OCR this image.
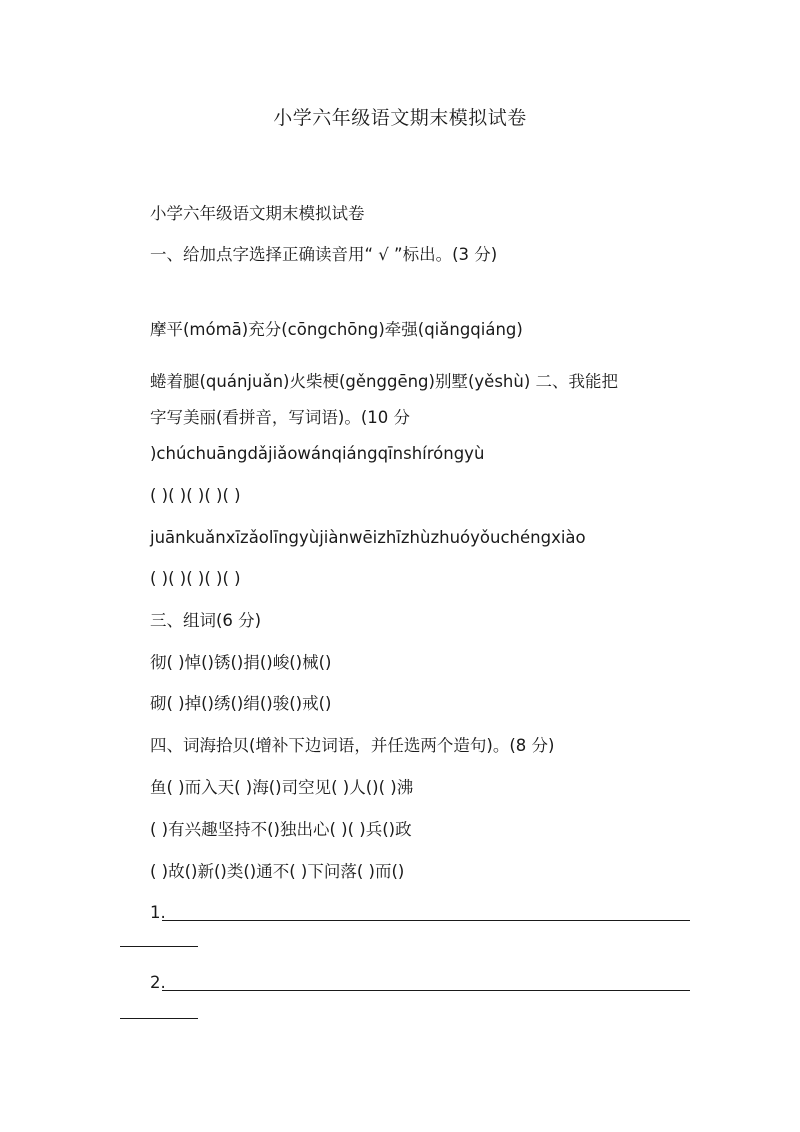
小学六年级语文期末模拟试卷
小学六年级语文期末模拟试卷
一、给加点字选择正确读音用“ √ ”标出。(3 分)
摩平(mómā)充分(cōngchōng)牵强(qiǎngqiáng)
蜷着腿(quánjuǎn)火柴梗(gěnggēng)别墅(yěshù) 二、我能把
字写美丽(看拼音，写词语)。(10 分
)chúchuāngdǎjiǎowánqiángqīnshíróngyù
( )( )( )( )( )
juānkuǎnxīzǎolīngyùjiànwēizhīzhùzhuóyǒuchéngxiào
( )( )( )( )( )
三、组词(6 分)
彻( )悼()锈()捐()峻()械()
砌( )掉()绣()绢()骏()戒()
四、词海拾贝(增补下边词语，并任选两个造句)。(8 分)
鱼( )而入天( )海()司空见( )人()( )沸
( )有兴趣坚持不()独出心( )( )兵()政
( )故()新()类()通不( )下问落( )而()
1.
2.
